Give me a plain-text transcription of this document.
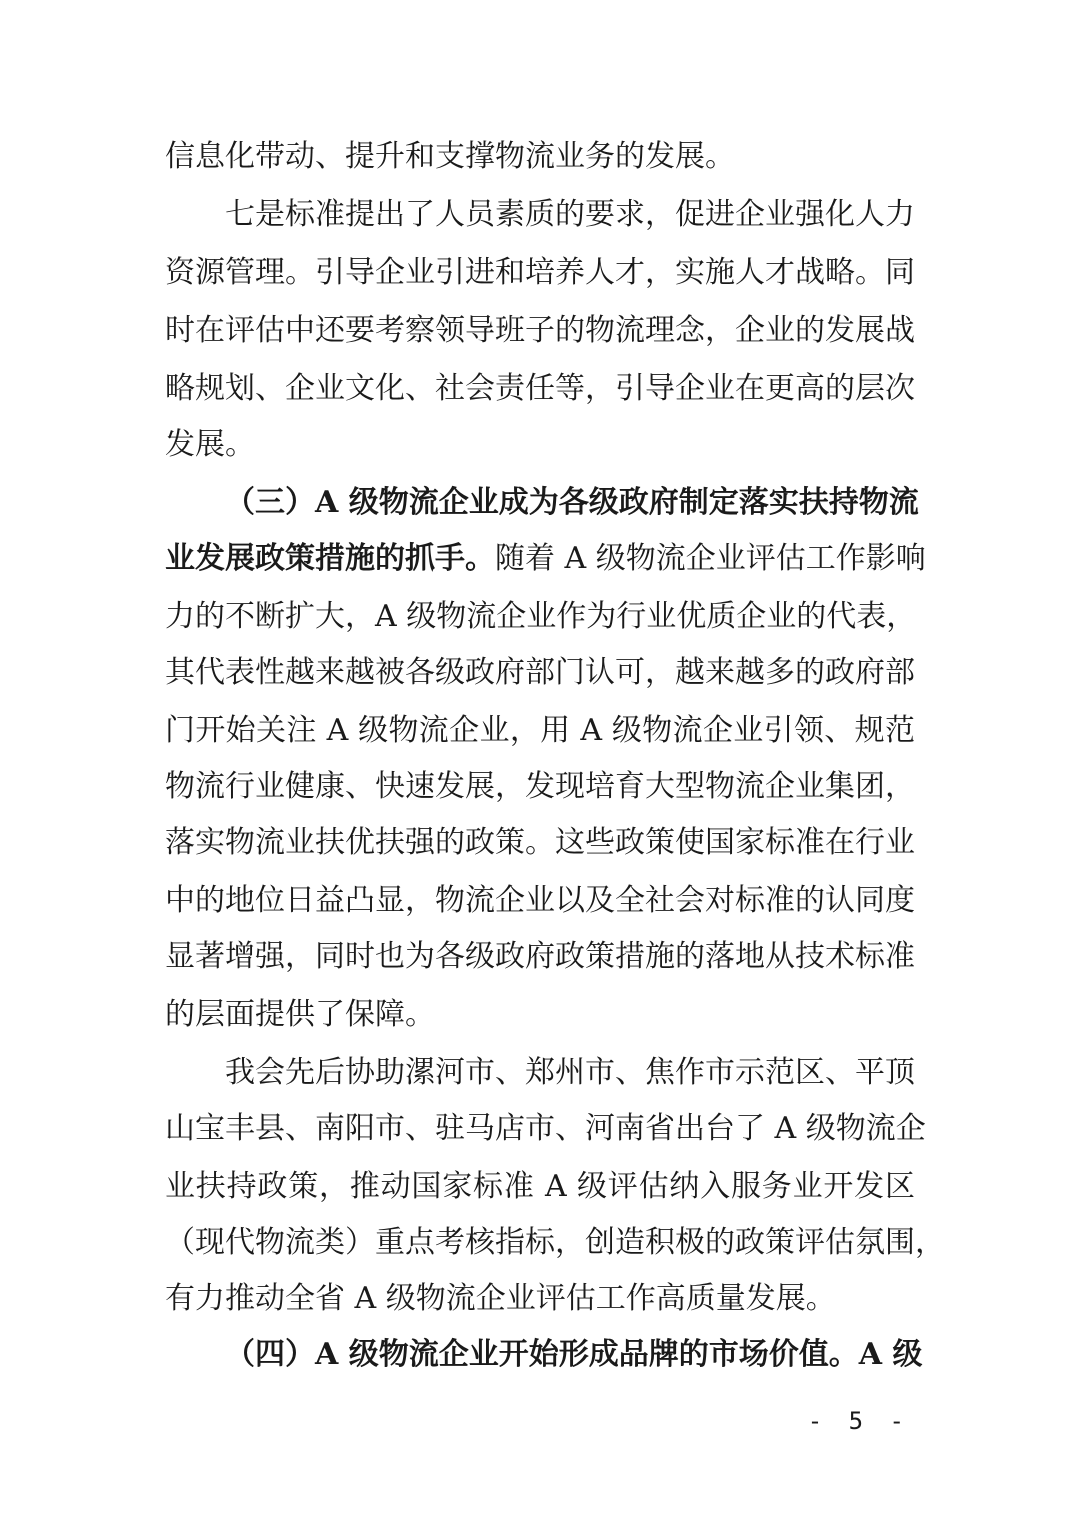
信息化带动、提升和支撑物流业务的发展。
七是标准提出了人员素质的要求，促进企业强化人力
资源管理。引导企业引进和培养人才，实施人才战略。同
时在评估中还要考察领导班子的物流理念，企业的发展战
略规划、企业文化、社会责任等，引导企业在更高的层次
发展。
（三）A 级物流企业成为各级政府制定落实扶持物流
业发展政策措施的抓手。随着 A 级物流企业评估工作影响
力的不断扩大，A 级物流企业作为行业优质企业的代表，
其代表性越来越被各级政府部门认可，越来越多的政府部
门开始关注 A 级物流企业，用 A 级物流企业引领、规范
物流行业健康、快速发展，发现培育大型物流企业集团，
落实物流业扶优扶强的政策。这些政策使国家标准在行业
中的地位日益凸显，物流企业以及全社会对标准的认同度
显著增强，同时也为各级政府政策措施的落地从技术标准
的层面提供了保障。
我会先后协助漯河市、郑州市、焦作市示范区、平顶
山宝丰县、南阳市、驻马店市、河南省出台了 A 级物流企
业扶持政策，推动国家标准 A 级评估纳入服务业开发区
（现代物流类）重点考核指标，创造积极的政策评估氛围，
有力推动全省 A 级物流企业评估工作高质量发展。
（四）A 级物流企业开始形成品牌的市场价值。A 级
- 5 -
